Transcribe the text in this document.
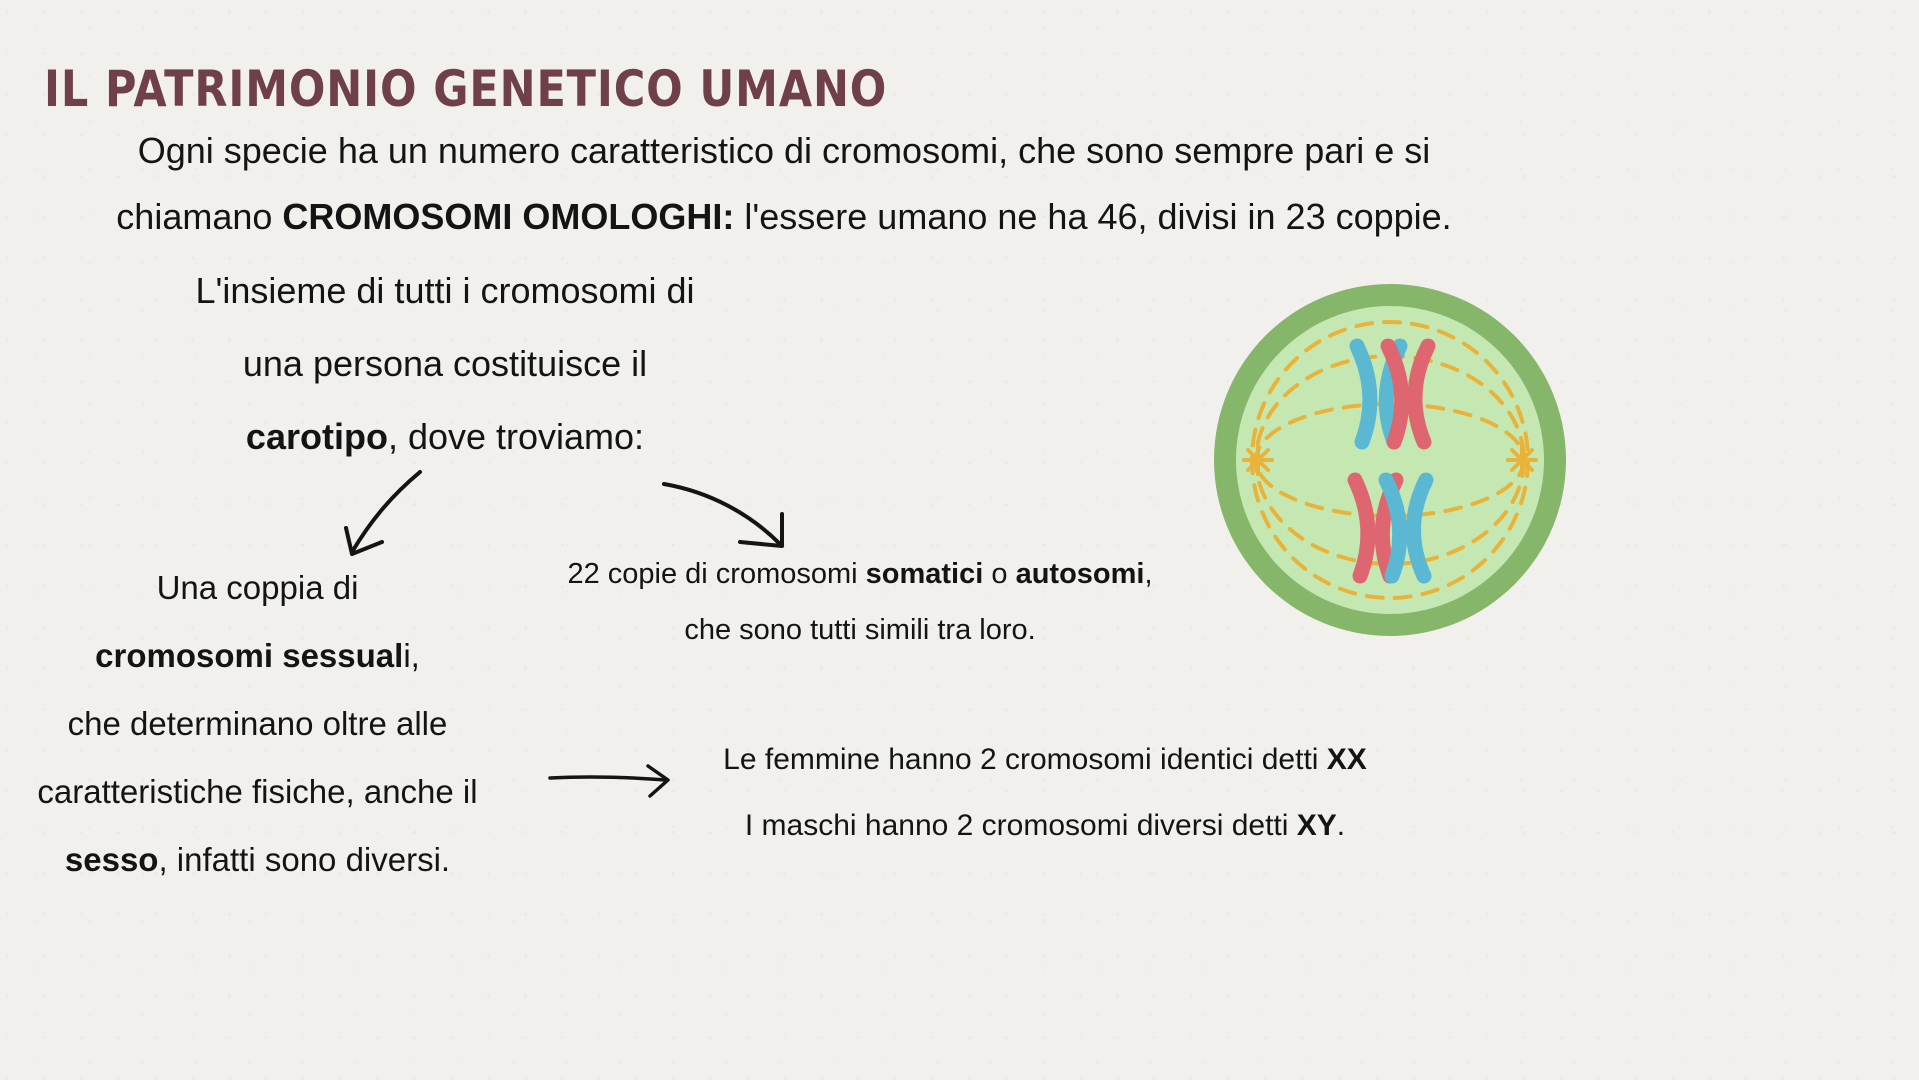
IL PATRIMONIO GENETICO UMANO
Ogni specie ha un numero caratteristico di cromosomi, che sono sempre pari e si
chiamano CROMOSOMI OMOLOGHI: l'essere umano ne ha 46, divisi in 23 coppie.
L'insieme di tutti i cromosomi di
una persona costituisce il
carotipo, dove troviamo:
Una coppia di
cromosomi sessuali,
che determinano oltre alle
caratteristiche fisiche, anche il
sesso, infatti sono diversi.
22 copie di cromosomi somatici o autosomi,
che sono tutti simili tra loro.
Le femmine hanno 2 cromosomi identici detti XX
I maschi hanno 2 cromosomi diversi detti XY.
